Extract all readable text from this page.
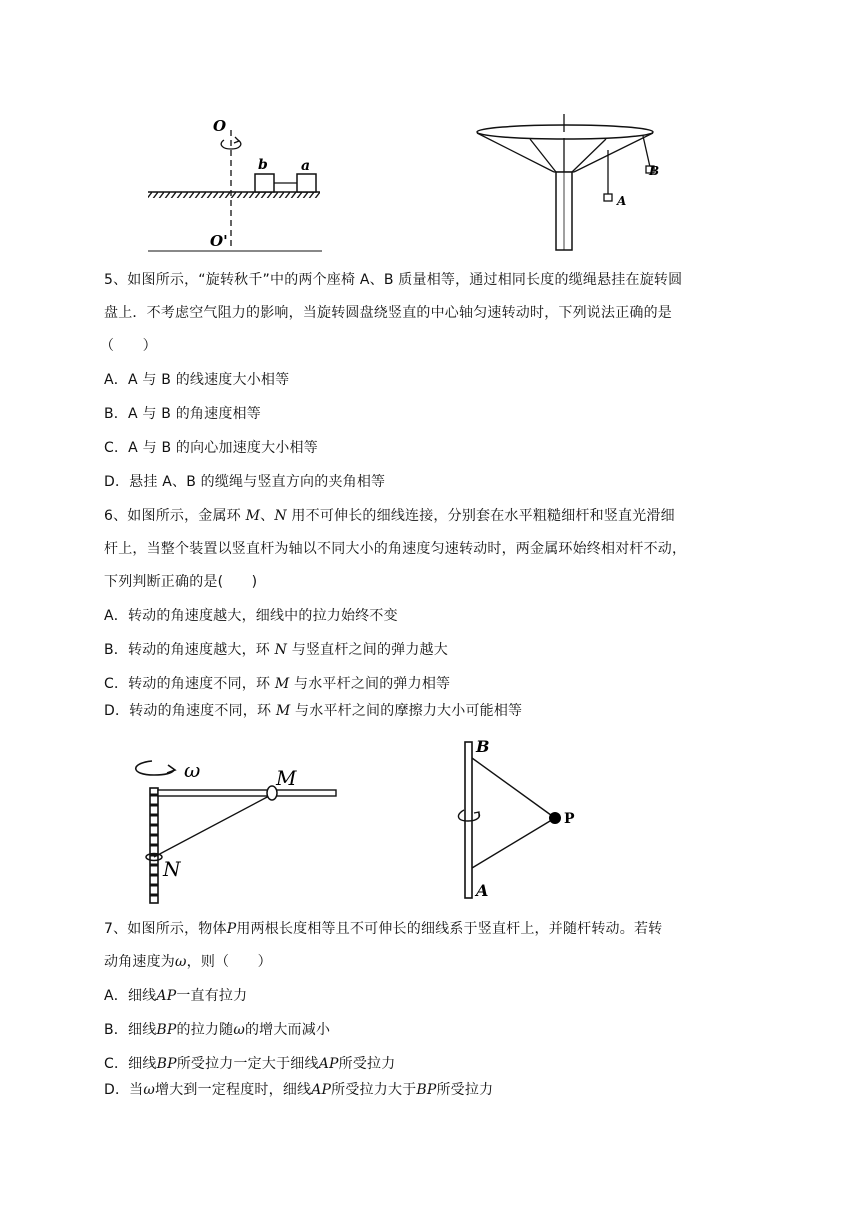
O
O'
b a
A
B
5、如图所示，“旋转秋千”中的两个座椅 A、B 质量相等，通过相同长度的缆绳悬挂在旋转圆
盘上．不考虑空气阻力的影响，当旋转圆盘绕竖直的中心轴匀速转动时，下列说法正确的是
（　　）
A．A 与 B 的线速度大小相等
B．A 与 B 的角速度相等
C．A 与 B 的向心加速度大小相等
D．悬挂 A、B 的缆绳与竖直方向的夹角相等
6、如图所示，金属环 M、N 用不可伸长的细线连接，分别套在水平粗糙细杆和竖直光滑细
杆上，当整个装置以竖直杆为轴以不同大小的角速度匀速转动时，两金属环始终相对杆不动，
下列判断正确的是(　　)
A．转动的角速度越大，细线中的拉力始终不变
B．转动的角速度越大，环 N 与竖直杆之间的弹力越大
C．转动的角速度不同，环 M 与水平杆之间的弹力相等
D．转动的角速度不同，环 M 与水平杆之间的摩擦力大小可能相等
ω	M
N
B
A
P
7、如图所示，物体P用两根长度相等且不可伸长的细线系于竖直杆上，并随杆转动。若转
动角速度为ω，则（　　）
A．细线AP一直有拉力
B．细线BP的拉力随ω的增大而减小
C．细线BP所受拉力一定大于细线AP所受拉力
D．当ω增大到一定程度时，细线AP所受拉力大于BP所受拉力
